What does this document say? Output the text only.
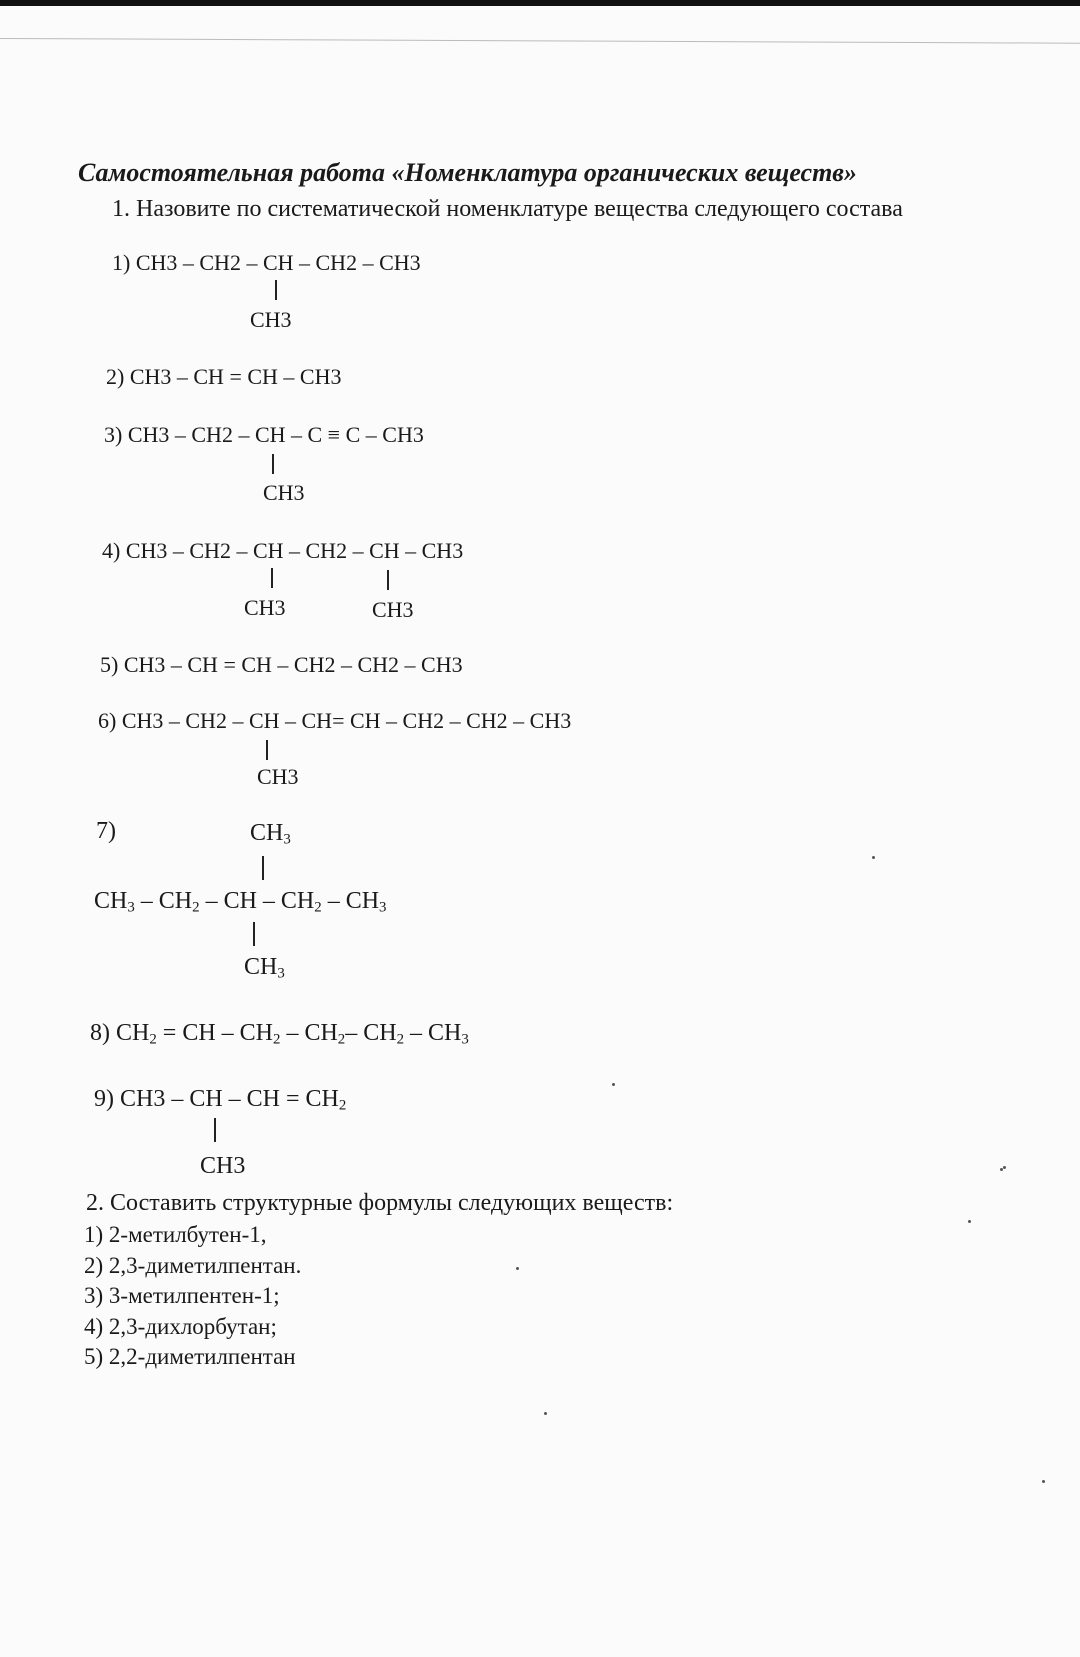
Самостоятельная работа «Номенклатура органических веществ»
1. Назовите по систематической номенклатуре вещества следующего состава
1) CH3 – CH2 – CH – CH2 – CH3
CH3
2) CH3 – CH = CH – CH3
3) CH3 – CH2 – CH – C ≡ C – CH3
CH3
4) CH3 – CH2 – CH – CH2 – CH – CH3
CH3	CH3
5) CH3 – CH = CH – CH2 – CH2 – CH3
6) CH3 – CH2 – CH – CH= CH – CH2 – CH2 – CH3
CH3
7)	$CH_3$
$CH_3 - CH_2$ – CH – $CH_2 - CH_3$
$CH_3$
8) $CH_2$ = CH – $CH_2 - CH_2-$ $CH_2 - CH_3$
9) CH3 – CH – CH = $CH_2$
CH3
2. Составить структурные формулы следующих веществ:
1) 2-метилбутен-1,
2) 2,3-диметилпентан.
3) 3-метилпентен-1;
4) 2,3-дихлорбутан;
5) 2,2-диметилпентан
